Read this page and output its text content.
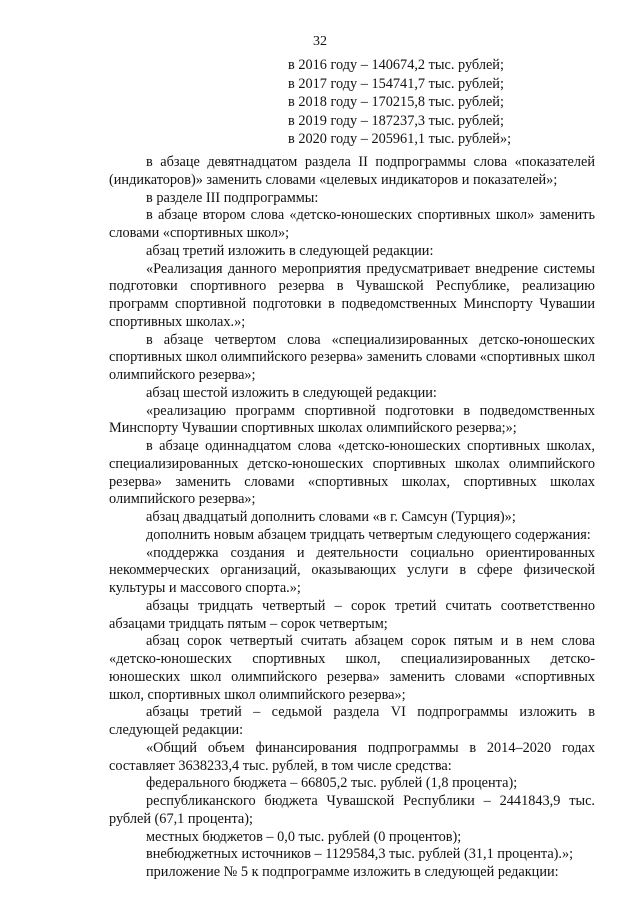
32
в 2016 году – 140674,2 тыс. рублей;
в 2017 году – 154741,7 тыс. рублей;
в 2018 году – 170215,8 тыс. рублей;
в 2019 году – 187237,3 тыс. рублей;
в 2020 году – 205961,1 тыс. рублей»;

в абзаце девятнадцатом раздела II подпрограммы слова «показателей (индикаторов)» заменить словами «целевых индикаторов и показателей»;

в разделе III подпрограммы:

в абзаце втором слова «детско-юношеских спортивных школ» заменить словами «спортивных школ»;

абзац третий изложить в следующей редакции:

«Реализация данного мероприятия предусматривает внедрение системы подготовки спортивного резерва в Чувашской Республике, реализацию программ спортивной подготовки в подведомственных Минспорту Чувашии спортивных школах.»;

в абзаце четвертом слова «специализированных детско-юношеских спортивных школ олимпийского резерва» заменить словами «спортивных школ олимпийского резерва»;

абзац шестой изложить в следующей редакции:

«реализацию программ спортивной подготовки в подведомственных Минспорту Чувашии спортивных школах олимпийского резерва;»;

в абзаце одиннадцатом слова «детско-юношеских спортивных школах, специализированных детско-юношеских спортивных школах олимпийского резерва» заменить словами «спортивных школах, спортивных школах олимпийского резерва»;

абзац двадцатый дополнить словами «в г. Самсун (Турция)»;

дополнить новым абзацем тридцать четвертым следующего содержания:

«поддержка создания и деятельности социально ориентированных некоммерческих организаций, оказывающих услуги в сфере физической культуры и массового спорта.»;

абзацы тридцать четвертый – сорок третий считать соответственно абзацами тридцать пятым – сорок четвертым;

абзац сорок четвертый считать абзацем сорок пятым и в нем слова «детско-юношеских спортивных школ, специализированных детско-юношеских школ олимпийского резерва» заменить словами «спортивных школ, спортивных школ олимпийского резерва»;

абзацы третий – седьмой раздела VI подпрограммы изложить в следующей редакции:

«Общий объем финансирования подпрограммы в 2014–2020 годах составляет 3638233,4 тыс. рублей, в том числе средства:

федерального бюджета – 66805,2 тыс. рублей (1,8 процента);

республиканского бюджета Чувашской Республики – 2441843,9 тыс. рублей (67,1 процента);

местных бюджетов – 0,0 тыс. рублей (0 процентов);

внебюджетных источников – 1129584,3 тыс. рублей (31,1 процента).»;

приложение № 5 к подпрограмме изложить в следующей редакции:
